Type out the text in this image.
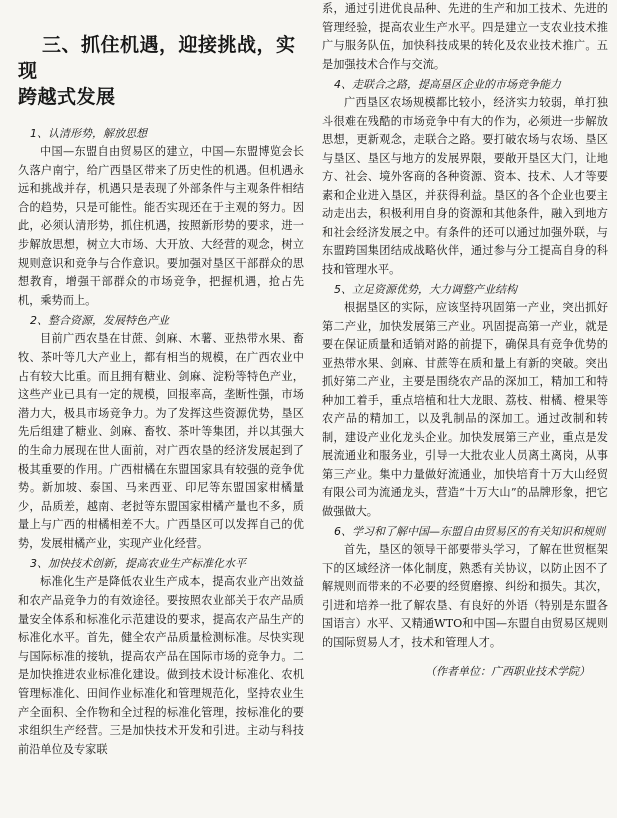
三、抓住机遇，迎接挑战，实现
跨越式发展
1、认清形势，解放思想

中国—东盟自由贸易区的建立，中国—东盟博览会长久落户南宁，给广西垦区带来了历史性的机遇。但机遇永远和挑战并存，机遇只是表现了外部条件与主观条件相结合的趋势，只是可能性。能否实现还在于主观的努力。因此，必须认清形势，抓住机遇，按照新形势的要求，进一步解放思想，树立大市场、大开放、大经营的观念，树立规则意识和竞争与合作意识。要加强对垦区干部群众的思想教育，增强干部群众的市场竞争，把握机遇，抢占先机，乘势而上。

2、整合资源，发展特色产业

目前广西农垦在甘蔗、剑麻、木薯、亚热带水果、畜牧、茶叶等几大产业上，都有相当的规模，在广西农业中占有较大比重。而且拥有糖业、剑麻、淀粉等特色产业，这些产业已具有一定的规模，回报率高，垄断性强，市场潜力大，极具市场竞争力。为了发挥这些资源优势，垦区先后组建了糖业、剑麻、畜牧、茶叶等集团，并以其强大的生命力展现在世人面前，对广西农垦的经济发展起到了极其重要的作用。广西柑橘在东盟国家具有较强的竞争优势。新加坡、泰国、马来西亚、印尼等东盟国家柑橘量少，品质差，越南、老挝等东盟国家柑橘产量也不多，质量上与广西的柑橘相差不大。广西垦区可以发挥自己的优势，发展柑橘产业，实现产业化经营。

3、加快技术创新，提高农业生产标准化水平

标准化生产是降低农业生产成本，提高农业产出效益和农产品竞争力的有效途径。要按照农业部关于农产品质量安全体系和标准化示范建设的要求，提高农产品生产的标准化水平。首先，健全农产品质量检测标准。尽快实现与国际标准的接轨，提高农产品在国际市场的竞争力。二是加快推进农业标准化建设。做到技术设计标准化、农机管理标准化、田间作业标准化和管理规范化，坚持农业生产全面积、全作物和全过程的标准化管理，按标准化的要求组织生产经营。三是加快技术开发和引进。主动与科技前沿单位及专家联

系，通过引进优良品种、先进的生产和加工技术、先进的管理经验，提高农业生产水平。四是建立一支农业技术推广与服务队伍，加快科技成果的转化及农业技术推广。五是加强技术合作与交流。

4、走联合之路，提高垦区企业的市场竞争能力

广西垦区农场规模都比较小，经济实力较弱，单打独斗很难在残酷的市场竞争中有大的作为，必须进一步解放思想，更新观念，走联合之路。要打破农场与农场、垦区与垦区、垦区与地方的发展界限，要敞开垦区大门，让地方、社会、境外客商的各种资源、资本、技术、人才等要素和企业进入垦区，并获得利益。垦区的各个企业也要主动走出去，积极利用自身的资源和其他条件，融入到地方和社会经济发展之中。有条件的还可以通过加强外联，与东盟跨国集团结成战略伙伴，通过参与分工提高自身的科技和管理水平。

5、立足资源优势，大力调整产业结构

根据垦区的实际，应该坚持巩固第一产业，突出抓好第二产业，加快发展第三产业。巩固提高第一产业，就是要在保证质量和适销对路的前提下，确保具有竞争优势的亚热带水果、剑麻、甘蔗等在质和量上有新的突破。突出抓好第二产业，主要是围绕农产品的深加工，精加工和特种加工着手，重点培植和壮大龙眼、荔枝、柑橘、橙果等农产品的精加工，以及乳制品的深加工。通过改制和转制，建设产业化龙头企业。加快发展第三产业，重点是发展流通业和服务业，引导一大批农业人员离土离岗，从事第三产业。集中力量做好流通业，加快培育十万大山经贸有限公司为流通龙头，营造“十万大山”的品牌形象，把它做强做大。

6、学习和了解中国—东盟自由贸易区的有关知识和规则

首先，垦区的领导干部要带头学习，了解在世贸框架下的区域经济一体化制度，熟悉有关协议，以防止因不了解规则而带来的不必要的经贸磨擦、纠纷和损失。其次，引进和培养一批了解农垦、有良好的外语（特别是东盟各国语言）水平、又精通WTO和中国—东盟自由贸易区规则的国际贸易人才，技术和管理人才。

（作者单位：广西职业技术学院）
